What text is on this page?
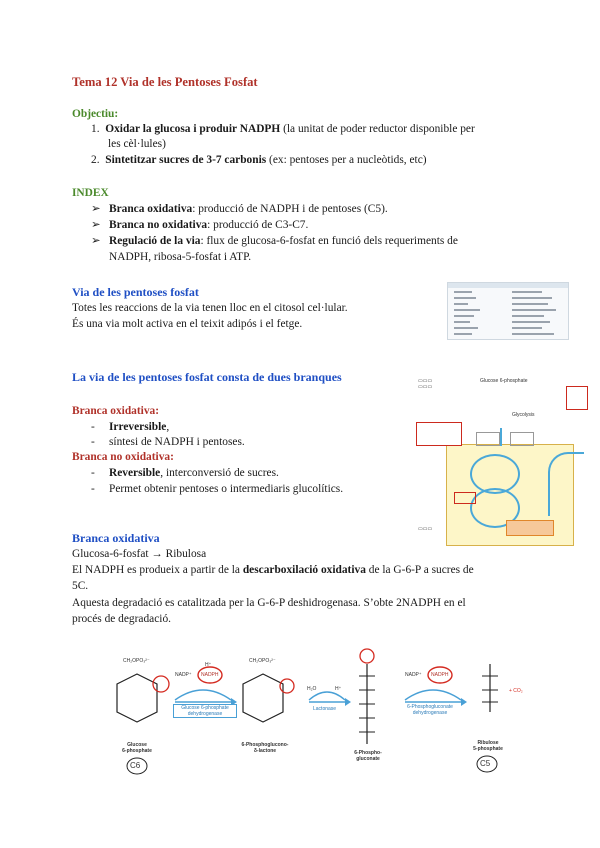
Tema 12 Via de les Pentoses Fosfat
Objectiu:
1. Oxidar la glucosa i produir NADPH (la unitat de poder reductor disponible per
les cèl·lules)
2. Sintetitzar sucres de 3-7 carbonis (ex: pentoses per a nucleòtids, etc)
INDEX
➢ Branca oxidativa: producció de NADPH i de pentoses (C5).
➢ Branca no oxidativa: producció de C3-C7.
➢ Regulació de la via: flux de glucosa-6-fosfat en funció dels requeriments de
NADPH, ribosa-5-fosfat i ATP.
Via de les pentoses fosfat
Totes les reaccions de la via tenen lloc en el citosol cel·lular.
És una via molt activa en el teixit adipós i el fetge.
La via de les pentoses fosfat consta de dues branques
Branca oxidativa:
- Irreversible,
- síntesi de NADPH i pentoses.
Branca no oxidativa:
- Reversible, interconversió de sucres.
- Permet obtenir pentoses o intermediaris glucolítics.
▭▭▭
▭▭▭
Glucose 6-phosphate
Glycolysis
▭▭▭
Branca oxidativa
Glucosa-6-fosfat → Ribulosa
El NADPH es produeix a partir de la descarboxilació oxidativa de la G-6-P a sucres de
5C.
Aquesta degradació es catalitzada per la G-6-P deshidrogenasa. S’obte 2NADPH en el
procés de degradació.
CH₂OPO₃²⁻	CH₂OPO₃²⁻
NADP⁺ NADPH
H⁺
NADP⁺ NADPH
H₂O	H⁺	+ CO₂
Glucose 6-phosphate dehydrogenase
Lactonase	6-Phosphogluconate dehydrogenase
Glucose
6-phosphate
6-Phosphoglucono-
δ-lactone	6-Phospho-
gluconate
Ribulose
5-phosphate
C6	C5
